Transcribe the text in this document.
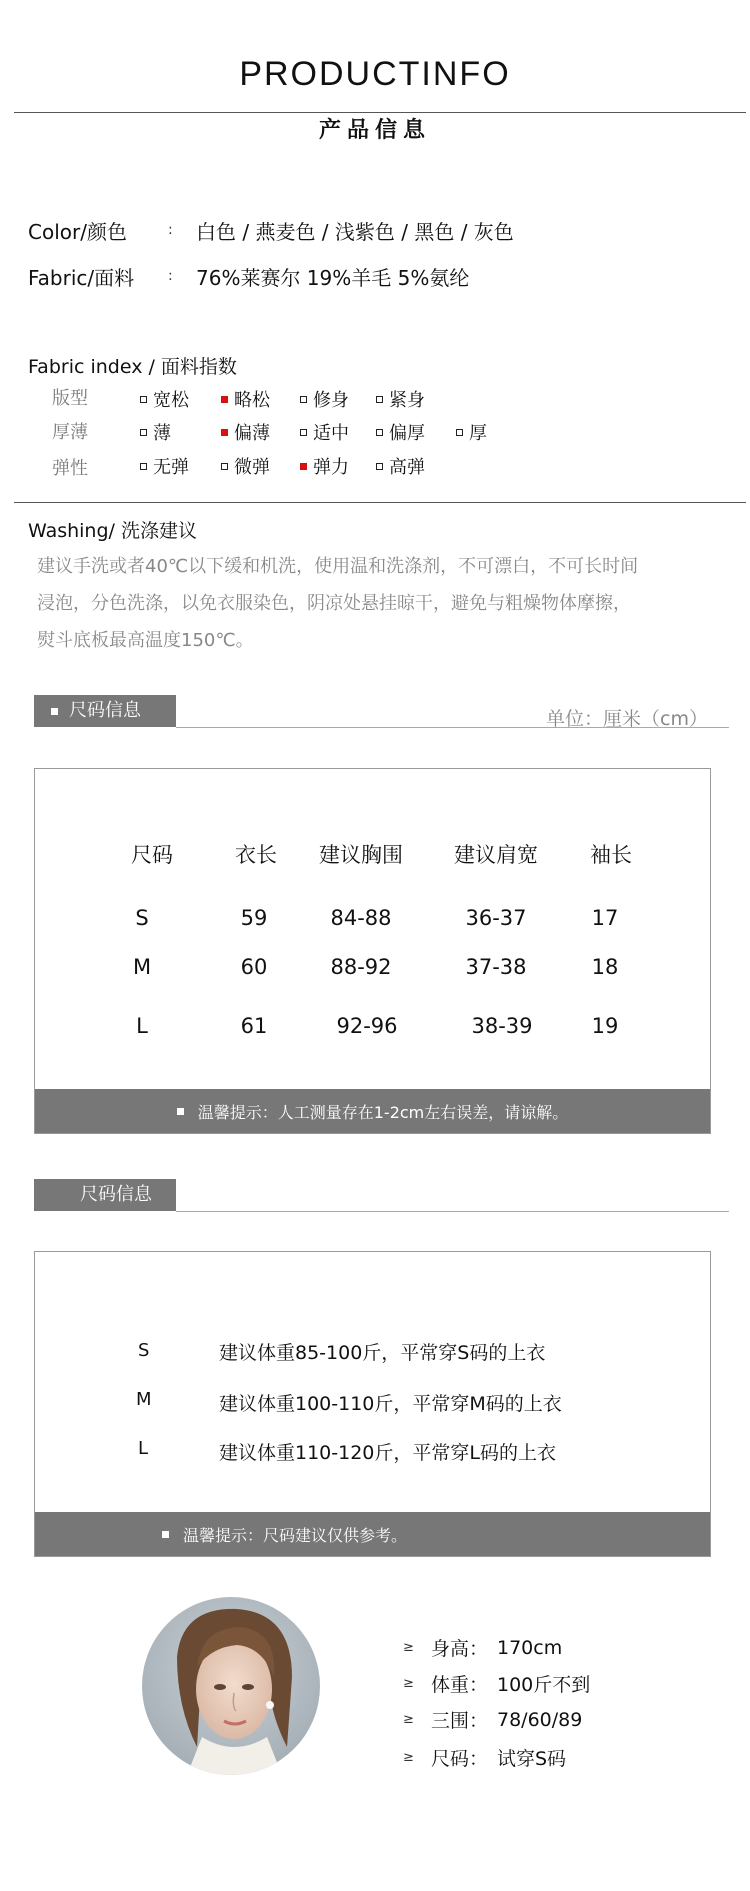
PRODUCTINFO
产品信息
Color/颜色	: 白色 / 燕麦色 / 浅紫色 / 黑色 / 灰色
Fabric/面料 : 76%莱赛尔 19%羊毛 5%氨纶
Fabric index / 面料指数
版型	宽松	略松 修身 紧身
厚薄	薄	偏薄 适中 偏厚 厚
弹性	无弹	微弹 弹力 高弹
Washing/ 洗涤建议
建议手洗或者40℃以下缓和机洗，使用温和洗涤剂，不可漂白，不可长时间
浸泡，分色洗涤，以免衣服染色，阴凉处悬挂晾干，避免与粗燥物体摩擦，
熨斗底板最高温度150℃。
尺码信息	单位：厘米（cm）
尺码	衣长	建议胸围	建议肩宽	袖长
S	59	84-88	36-37	17
M	60	88-92	37-38	18
L	61	92-96	38-39	19
温馨提示：人工测量存在1-2cm左右误差，请谅解。
尺码信息
S	建议体重85-100斤，平常穿S码的上衣
M	建议体重100-110斤，平常穿M码的上衣
L	建议体重110-120斤，平常穿L码的上衣
温馨提示：尺码建议仅供参考。
≥ 身高： 170cm
≥ 体重： 100斤不到
≥ 三围： 78/60/89
≥ 尺码： 试穿S码
